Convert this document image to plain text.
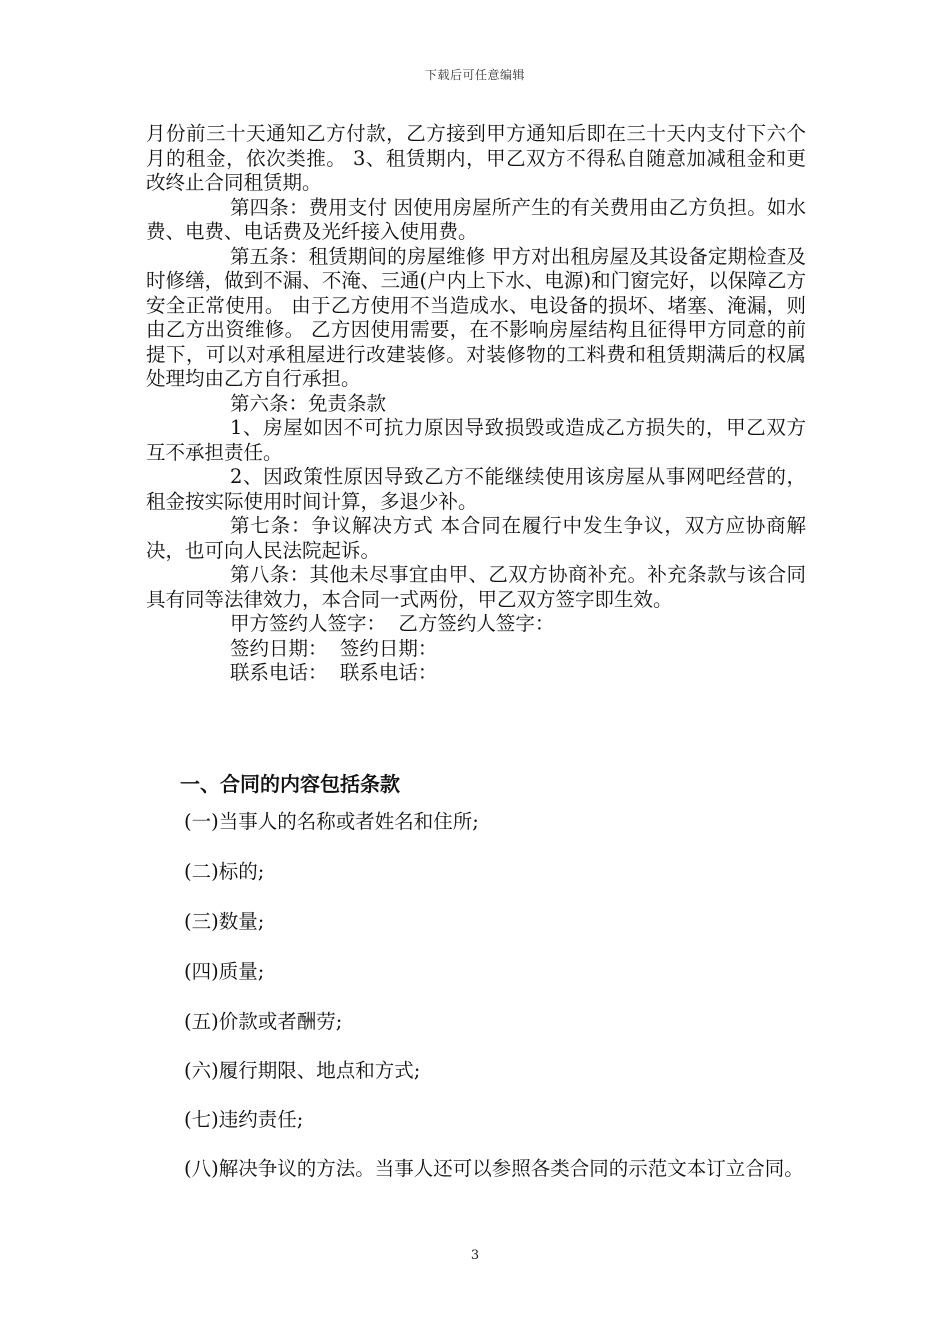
下载后可任意编辑

月份前三十天通知乙方付款，乙方接到甲方通知后即在三十天内支付下六个月的租金，依次类推。 3、租赁期内，甲乙双方不得私自随意加减租金和更改终止合同租赁期。

第四条：费用支付 因使用房屋所产生的有关费用由乙方负担。如水费、电费、电话费及光纤接入使用费。

第五条：租赁期间的房屋维修 甲方对出租房屋及其设备定期检查及时修缮，做到不漏、不淹、三通(户内上下水、电源)和门窗完好，以保障乙方安全正常使用。 由于乙方使用不当造成水、电设备的损坏、堵塞、淹漏，则由乙方出资维修。 乙方因使用需要，在不影响房屋结构且征得甲方同意的前提下，可以对承租屋进行改建装修。对装修物的工料费和租赁期满后的权属处理均由乙方自行承担。

第六条：免责条款

1、房屋如因不可抗力原因导致损毁或造成乙方损失的，甲乙双方互不承担责任。

2、因政策性原因导致乙方不能继续使用该房屋从事网吧经营的，租金按实际使用时间计算，多退少补。

第七条：争议解决方式 本合同在履行中发生争议，双方应协商解决，也可向人民法院起诉。

第八条：其他未尽事宜由甲、乙双方协商补充。补充条款与该合同具有同等法律效力，本合同一式两份，甲乙双方签字即生效。

甲方签约人签字：  乙方签约人签字：

签约日期：  签约日期：

联系电话：  联系电话：

一、合同的内容包括条款
(一)当事人的名称或者姓名和住所;
(二)标的;
(三)数量;
(四)质量;
(五)价款或者酬劳;
(六)履行期限、地点和方式;
(七)违约责任;
(八)解决争议的方法。当事人还可以参照各类合同的示范文本订立合同。
3
